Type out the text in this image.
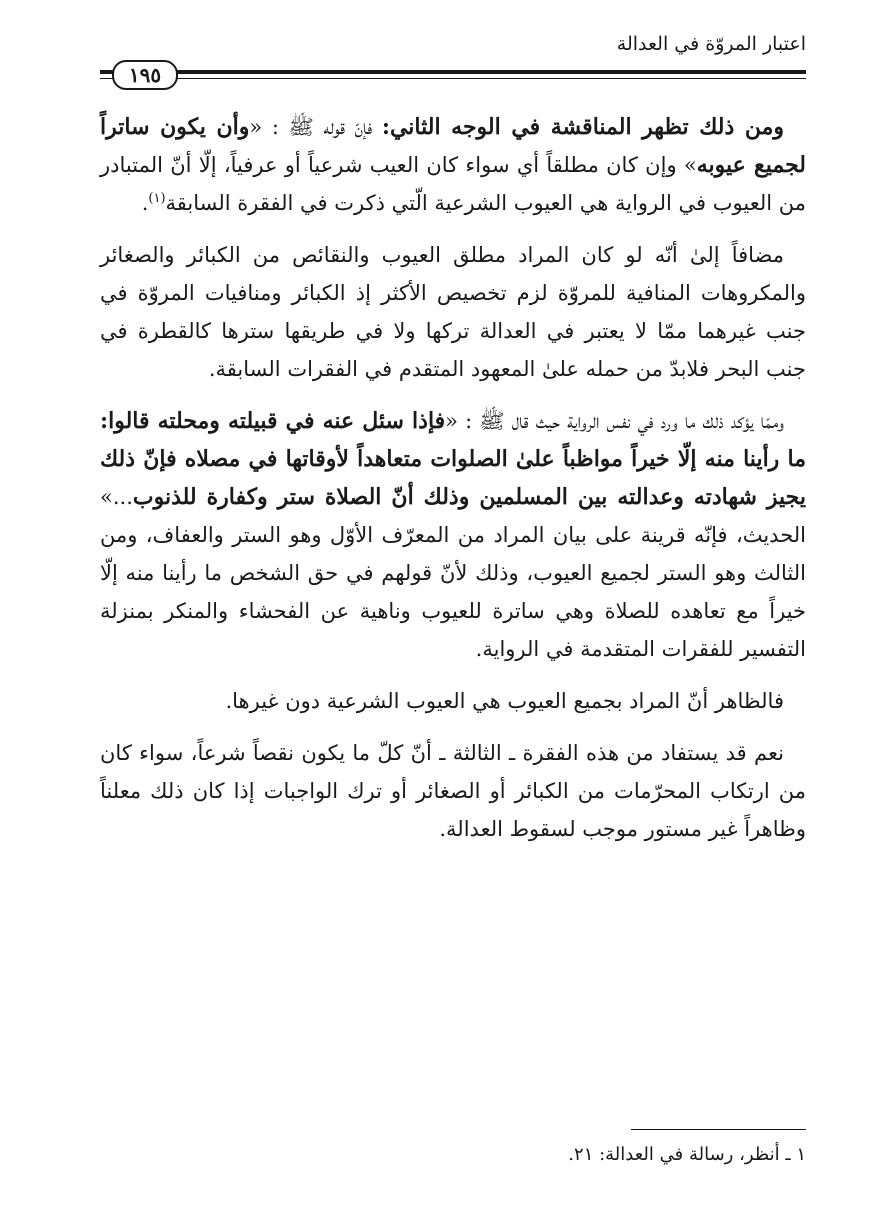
اعتبار المروّة في العدالة
١٩٥

ومن ذلك تظهر المناقشة في الوجه الثاني: فإنّ قوله ﷺ : «وأن يكون ساتراً لجميع عيوبه» وإن كان مطلقاً أي سواء كان العيب شرعياً أو عرفياً، إلّا أنّ المتبادر من العيوب في الرواية هي العيوب الشرعية الّتي ذكرت في الفقرة السابقة$^{(١)}$.

مضافاً إلىٰ أنّه لو كان المراد مطلق العيوب والنقائص من الكبائر والصغائر والمكروهات المنافية للمروّة لزم تخصيص الأكثر إذ الكبائر ومنافيات المروّة في جنب غيرهما ممّا لا يعتبر في العدالة تركها ولا في طريقها سترها كالقطرة في جنب البحر فلابدّ من حمله علىٰ المعهود المتقدم في الفقرات السابقة.

وممّا يؤكد ذلك ما ورد في نفس الرواية حيث قال ﷺ : «فإذا سئل عنه في قبيلته ومحلته قالوا: ما رأينا منه إلّا خيراً مواظباً علىٰ الصلوات متعاهداً لأوقاتها في مصلاه فإنّ ذلك يجيز شهادته وعدالته بين المسلمين وذلك أنّ الصلاة ستر وكفارة للذنوب...» الحديث، فإنّه قرينة على بيان المراد من المعرّف الأوّل وهو الستر والعفاف، ومن الثالث وهو الستر لجميع العيوب، وذلك لأنّ قولهم في حق الشخص ما رأينا منه إلّا خيراً مع تعاهده للصلاة وهي ساترة للعيوب وناهية عن الفحشاء والمنكر بمنزلة التفسير للفقرات المتقدمة في الرواية.

فالظاهر أنّ المراد بجميع العيوب هي العيوب الشرعية دون غيرها.

نعم قد يستفاد من هذه الفقرة ـ الثالثة ـ أنّ كلّ ما يكون نقصاً شرعاً، سواء كان من ارتكاب المحرّمات من الكبائر أو الصغائر أو ترك الواجبات إذا كان ذلك معلناً وظاهراً غير مستور موجب لسقوط العدالة.

١ ـ أنظر، رسالة في العدالة: ٢١.
